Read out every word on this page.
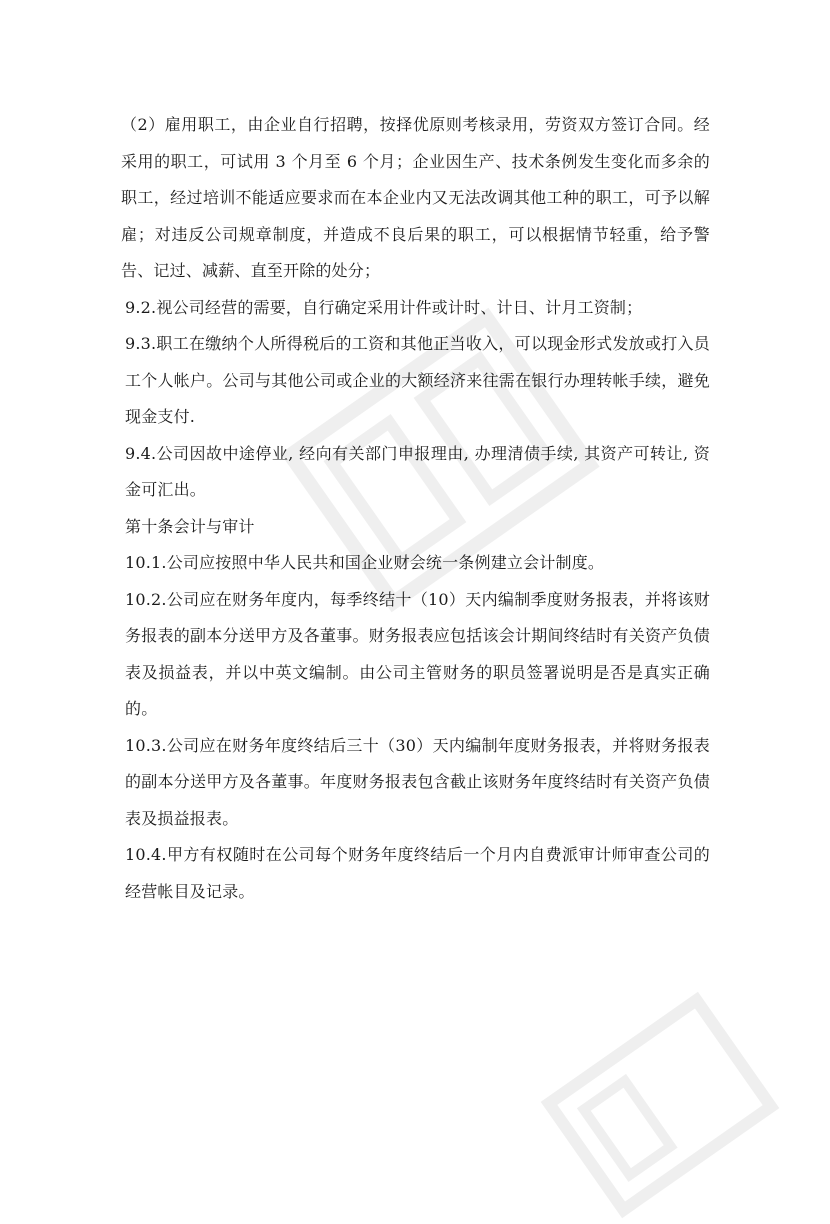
（2）雇用职工，由企业自行招聘，按择优原则考核录用，劳资双方签订合同。经采用的职工，可试用 3 个月至 6 个月；企业因生产、技术条例发生变化而多余的职工，经过培训不能适应要求而在本企业内又无法改调其他工种的职工，可予以解雇；对违反公司规章制度，并造成不良后果的职工，可以根据情节轻重，给予警告、记过、减薪、直至开除的处分；

9.2.视公司经营的需要，自行确定采用计件或计时、计日、计月工资制；

9.3.职工在缴纳个人所得税后的工资和其他正当收入，可以现金形式发放或打入员工个人帐户。公司与其他公司或企业的大额经济来往需在银行办理转帐手续，避免现金支付.

9.4.公司因故中途停业, 经向有关部门申报理由, 办理清债手续, 其资产可转让, 资金可汇出。

第十条会计与审计

10.1.公司应按照中华人民共和国企业财会统一条例建立会计制度。

10.2.公司应在财务年度内，每季终结十（10）天内编制季度财务报表，并将该财务报表的副本分送甲方及各董事。财务报表应包括该会计期间终结时有关资产负债表及损益表，并以中英文编制。由公司主管财务的职员签署说明是否是真实正确的。

10.3.公司应在财务年度终结后三十（30）天内编制年度财务报表，并将财务报表的副本分送甲方及各董事。年度财务报表包含截止该财务年度终结时有关资产负债表及损益报表。

10.4.甲方有权随时在公司每个财务年度终结后一个月内自费派审计师审查公司的经营帐目及记录。
